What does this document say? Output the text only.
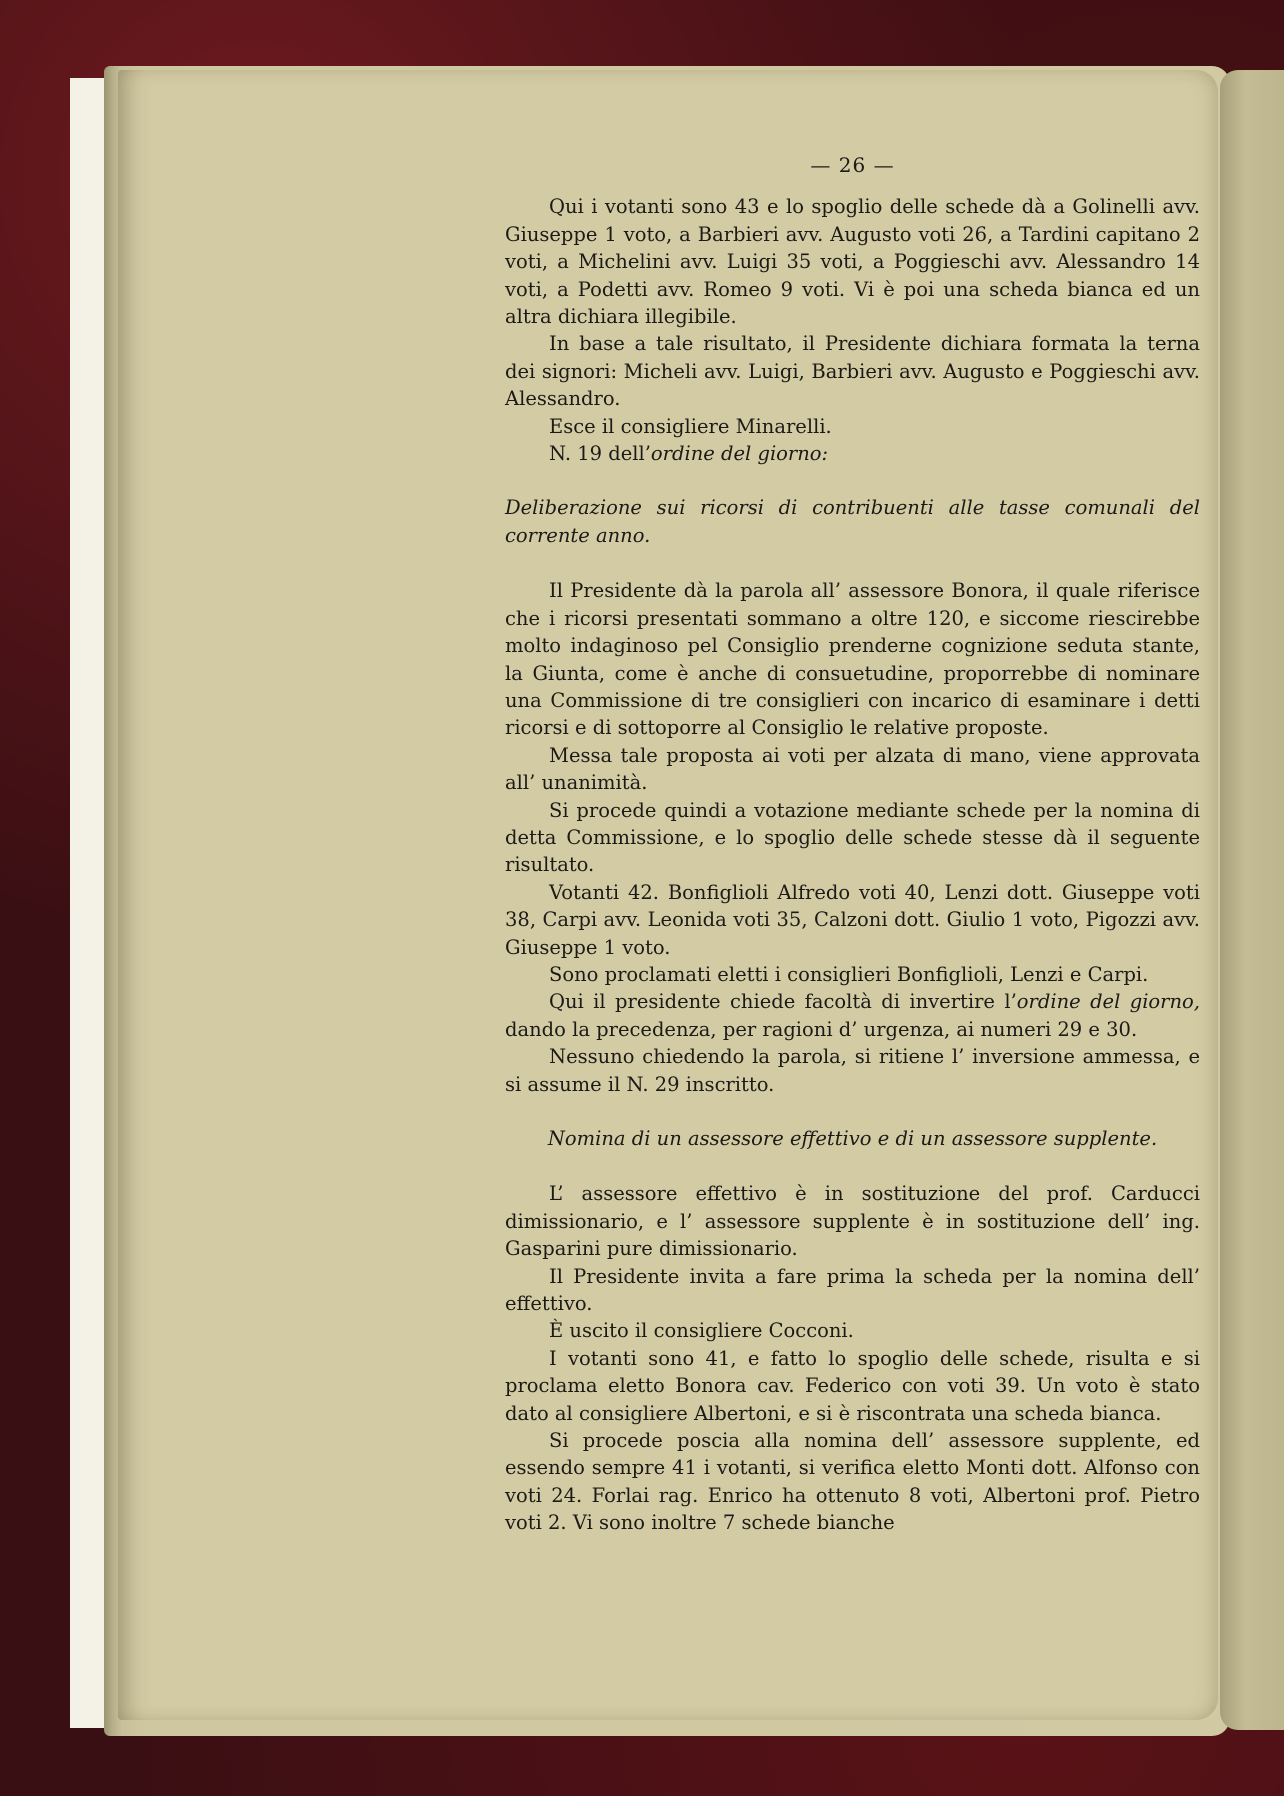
— 26 —

Qui i votanti sono 43 e lo spoglio delle schede dà a Golinelli avv. Giuseppe 1 voto, a Barbieri avv. Augusto voti 26, a Tardini capitano 2 voti, a Michelini avv. Luigi 35 voti, a Poggieschi avv. Alessandro 14 voti, a Podetti avv. Romeo 9 voti. Vi è poi una scheda bianca ed un altra dichiara illegibile.

In base a tale risultato, il Presidente dichiara formata la terna dei signori: Micheli avv. Luigi, Barbieri avv. Augusto e Poggieschi avv. Alessandro.

Esce il consigliere Minarelli.

N. 19 dell’ordine del giorno:

Deliberazione sui ricorsi di contribuenti alle tasse comunali del corrente anno.

Il Presidente dà la parola all’ assessore Bonora, il quale riferisce che i ricorsi presentati sommano a oltre 120, e siccome riescirebbe molto indaginoso pel Consiglio prenderne cognizione seduta stante, la Giunta, come è anche di consuetudine, proporrebbe di nominare una Commissione di tre consiglieri con incarico di esaminare i detti ricorsi e di sottoporre al Consiglio le relative proposte.

Messa tale proposta ai voti per alzata di mano, viene approvata all’ unanimità.

Si procede quindi a votazione mediante schede per la nomina di detta Commissione, e lo spoglio delle schede stesse dà il seguente risultato.

Votanti 42. Bonfiglioli Alfredo voti 40, Lenzi dott. Giuseppe voti 38, Carpi avv. Leonida voti 35, Calzoni dott. Giulio 1 voto, Pigozzi avv. Giuseppe 1 voto.

Sono proclamati eletti i consiglieri Bonfiglioli, Lenzi e Carpi.

Qui il presidente chiede facoltà di invertire l’ordine del giorno, dando la precedenza, per ragioni d’ urgenza, ai numeri 29 e 30.

Nessuno chiedendo la parola, si ritiene l’ inversione ammessa, e si assume il N. 29 inscritto.

Nomina di un assessore effettivo e di un assessore supplente.

L’ assessore effettivo è in sostituzione del prof. Carducci dimissionario, e l’ assessore supplente è in sostituzione dell’ ing. Gasparini pure dimissionario.

Il Presidente invita a fare prima la scheda per la nomina dell’ effettivo.

È uscito il consigliere Cocconi.

I votanti sono 41, e fatto lo spoglio delle schede, risulta e si proclama eletto Bonora cav. Federico con voti 39. Un voto è stato dato al consigliere Albertoni, e si è riscontrata una scheda bianca.

Si procede poscia alla nomina dell’ assessore supplente, ed essendo sempre 41 i votanti, si verifica eletto Monti dott. Alfonso con voti 24. Forlai rag. Enrico ha ottenuto 8 voti, Albertoni prof. Pietro voti 2. Vi sono inoltre 7 schede bianche
